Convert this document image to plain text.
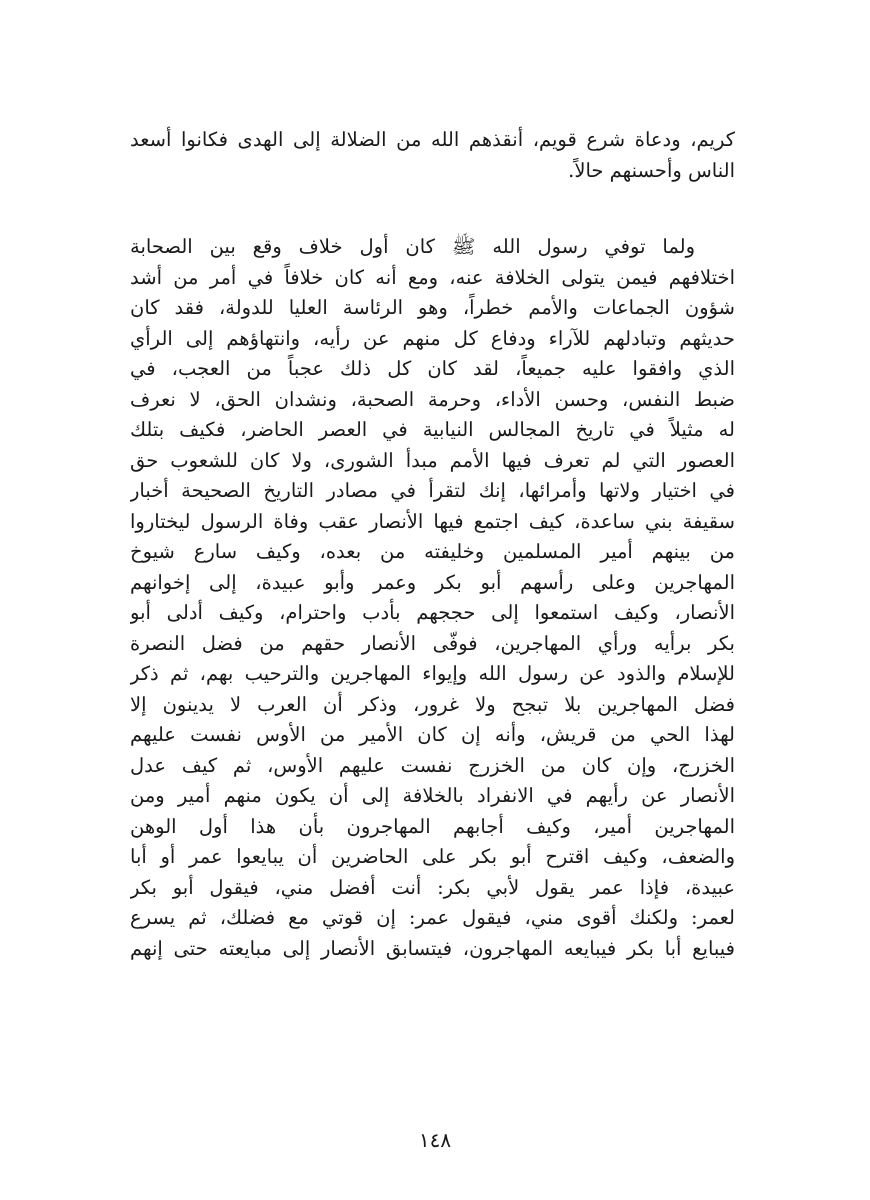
كريم، ودعاة شرع قويم، أنقذهم الله من الضلالة إلى الهدى فكانوا أسعد
الناس وأحسنهم حالاً.
ولما توفي رسول الله ﷺ كان أول خلاف وقع بين الصحابة
اختلافهم فيمن يتولى الخلافة عنه، ومع أنه كان خلافاً في أمر من أشد
شؤون الجماعات والأمم خطراً، وهو الرئاسة العليا للدولة، فقد كان
حديثهم وتبادلهم للآراء ودفاع كل منهم عن رأيه، وانتهاؤهم إلى الرأي
الذي وافقوا عليه جميعاً، لقد كان كل ذلك عجباً من العجب، في
ضبط النفس، وحسن الأداء، وحرمة الصحبة، ونشدان الحق، لا نعرف
له مثيلاً في تاريخ المجالس النيابية في العصر الحاضر، فكيف بتلك
العصور التي لم تعرف فيها الأمم مبدأ الشورى، ولا كان للشعوب حق
في اختيار ولاتها وأمرائها، إنك لتقرأ في مصادر التاريخ الصحيحة أخبار
سقيفة بني ساعدة، كيف اجتمع فيها الأنصار عقب وفاة الرسول ليختاروا
من بينهم أمير المسلمين وخليفته من بعده، وكيف سارع شيوخ
المهاجرين وعلى رأسهم أبو بكر وعمر وأبو عبيدة، إلى إخوانهم
الأنصار، وكيف استمعوا إلى حججهم بأدب واحترام، وكيف أدلى أبو
بكر برأيه ورأي المهاجرين، فوفّى الأنصار حقهم من فضل النصرة
للإسلام والذود عن رسول الله وإيواء المهاجرين والترحيب بهم، ثم ذكر
فضل المهاجرين بلا تبجح ولا غرور، وذكر أن العرب لا يدينون إلا
لهذا الحي من قريش، وأنه إن كان الأمير من الأوس نفست عليهم
الخزرج، وإن كان من الخزرج نفست عليهم الأوس، ثم كيف عدل
الأنصار عن رأيهم في الانفراد بالخلافة إلى أن يكون منهم أمير ومن
المهاجرين أمير، وكيف أجابهم المهاجرون بأن هذا أول الوهن
والضعف، وكيف اقترح أبو بكر على الحاضرين أن يبايعوا عمر أو أبا
عبيدة، فإذا عمر يقول لأبي بكر: أنت أفضل مني، فيقول أبو بكر
لعمر: ولكنك أقوى مني، فيقول عمر: إن قوتي مع فضلك، ثم يسرع
فيبايع أبا بكر فيبايعه المهاجرون، فيتسابق الأنصار إلى مبايعته حتى إنهم
١٤٨
